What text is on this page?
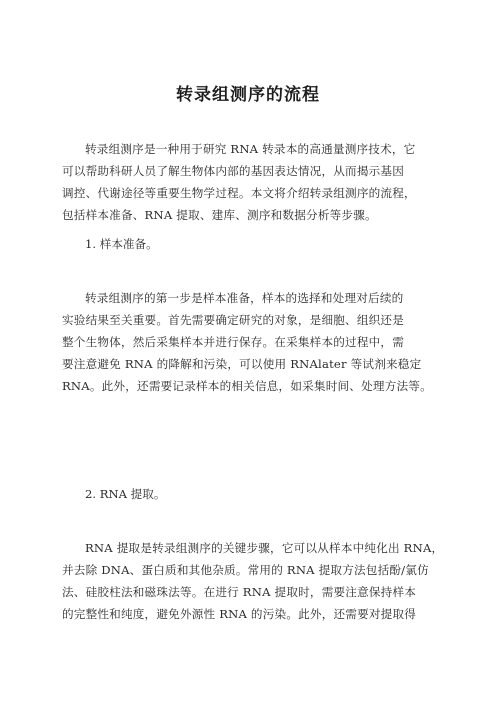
转录组测序的流程
转录组测序是一种用于研究 RNA 转录本的高通量测序技术，它
可以帮助科研人员了解生物体内部的基因表达情况，从而揭示基因
调控、代谢途径等重要生物学过程。本文将介绍转录组测序的流程，
包括样本准备、RNA 提取、建库、测序和数据分析等步骤。
1. 样本准备。
转录组测序的第一步是样本准备，样本的选择和处理对后续的
实验结果至关重要。首先需要确定研究的对象，是细胞、组织还是
整个生物体，然后采集样本并进行保存。在采集样本的过程中，需
要注意避免 RNA 的降解和污染，可以使用 RNAlater 等试剂来稳定
RNA。此外，还需要记录样本的相关信息，如采集时间、处理方法等。
2. RNA 提取。
RNA 提取是转录组测序的关键步骤，它可以从样本中纯化出 RNA，
并去除 DNA、蛋白质和其他杂质。常用的 RNA 提取方法包括酚/氯仿
法、硅胶柱法和磁珠法等。在进行 RNA 提取时，需要注意保持样本
的完整性和纯度，避免外源性 RNA 的污染。此外，还需要对提取得
